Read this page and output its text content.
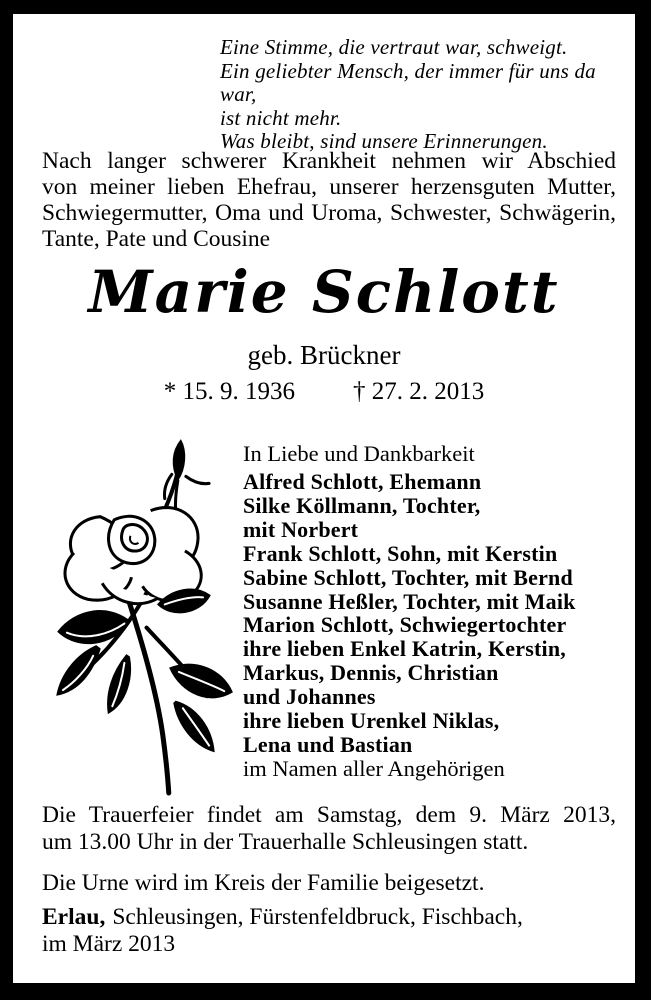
Eine Stimme, die vertraut war, schweigt.
Ein geliebter Mensch, der immer für uns da war,
ist nicht mehr.
Was bleibt, sind unsere Erinnerungen.
Nach langer schwerer Krankheit nehmen wir Abschied
von meiner lieben Ehefrau, unserer herzensguten Mutter,
Schwiegermutter, Oma und Uroma, Schwester, Schwägerin,
Tante, Pate und Cousine
Marie Schlott
geb. Brückner
* 15. 9. 1936 † 27. 2. 2013
In Liebe und Dankbarkeit
Alfred Schlott, Ehemann
Silke Köllmann, Tochter,
mit Norbert
Frank Schlott, Sohn, mit Kerstin
Sabine Schlott, Tochter, mit Bernd
Susanne Heßler, Tochter, mit Maik
Marion Schlott, Schwiegertochter
ihre lieben Enkel Katrin, Kerstin,
Markus, Dennis, Christian
und Johannes
ihre lieben Urenkel Niklas,
Lena und Bastian
im Namen aller Angehörigen
Die Trauerfeier findet am Samstag, dem 9. März 2013,
um 13.00 Uhr in der Trauerhalle Schleusingen statt.
Die Urne wird im Kreis der Familie beigesetzt.
Erlau, Schleusingen, Fürstenfeldbruck, Fischbach,
im März 2013
